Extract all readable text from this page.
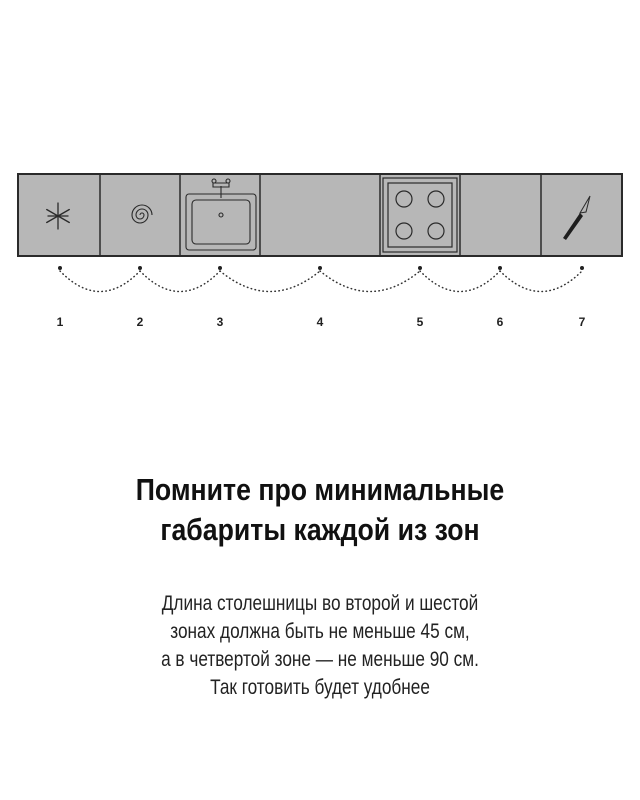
1	2	3	4	5	6	7
Помните про минимальные
габариты каждой из зон
Длина столешницы во второй и шестой
зонах должна быть не меньше 45 см,
а в четвертой зоне — не меньше 90 см.
Так готовить будет удобнее
